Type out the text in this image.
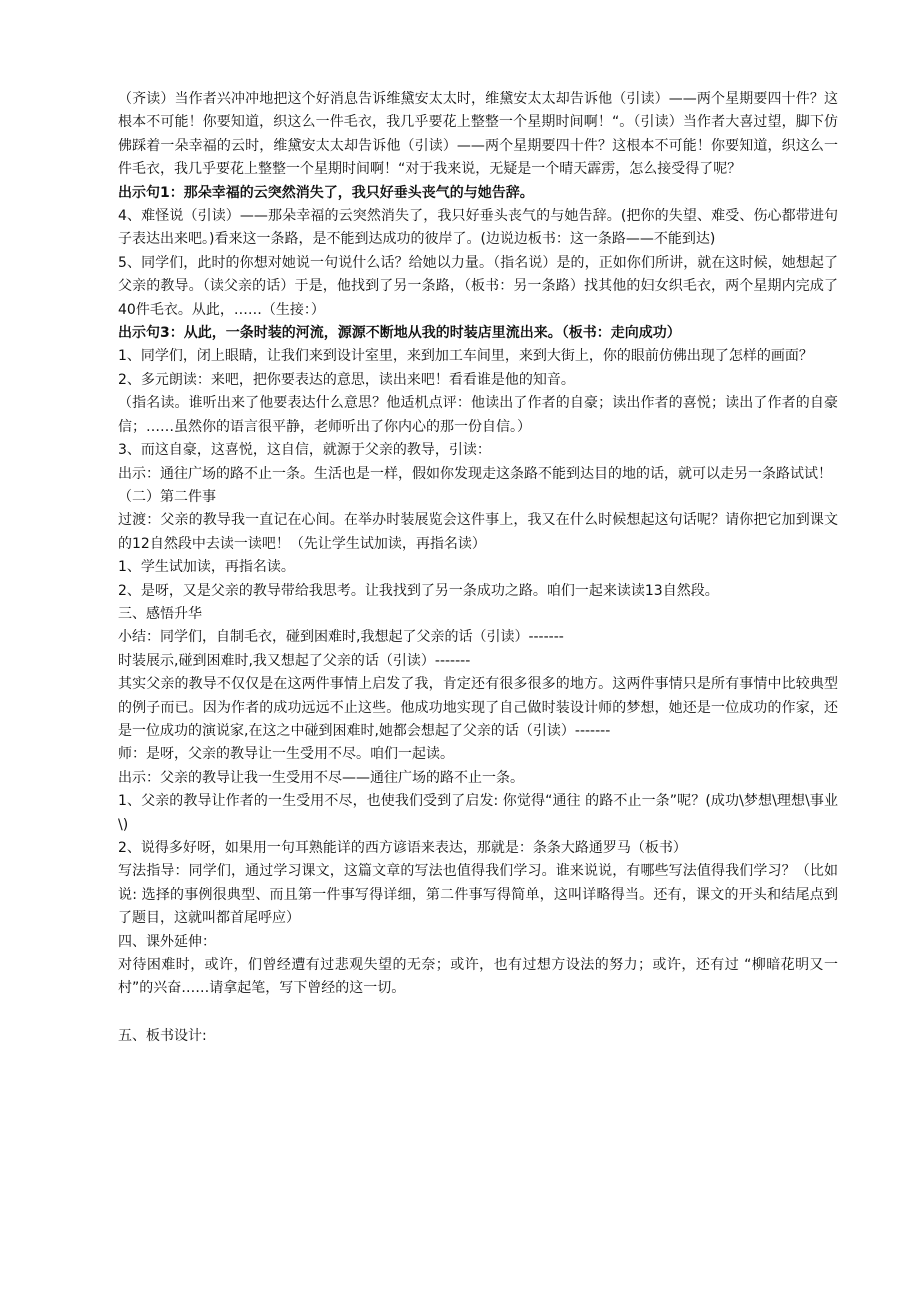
（齐读）当作者兴冲冲地把这个好消息告诉维黛安太太时，维黛安太太却告诉他（引读）——两个星期要四十件？这根本不可能！你要知道，织这么一件毛衣，我几乎要花上整整一个星期时间啊！“。（引读）当作者大喜过望，脚下仿佛踩着一朵幸福的云时，维黛安太太却告诉他（引读）——两个星期要四十件？这根本不可能！你要知道，织这么一件毛衣，我几乎要花上整整一个星期时间啊！“对于我来说，无疑是一个晴天霹雳，怎么接受得了呢？

出示句1：那朵幸福的云突然消失了，我只好垂头丧气的与她告辞。

4、难怪说（引读）——那朵幸福的云突然消失了，我只好垂头丧气的与她告辞。(把你的失望、难受、伤心都带进句子表达出来吧。)看来这一条路，是不能到达成功的彼岸了。(边说边板书：这一条路——不能到达)

5、同学们，此时的你想对她说一句说什么话？给她以力量。（指名说）是的，正如你们所讲，就在这时候，她想起了父亲的教导。（读父亲的话）于是，他找到了另一条路，（板书：另一条路）找其他的妇女织毛衣，两个星期内完成了40件毛衣。从此，……（生接：）

出示句3：从此，一条时装的河流，源源不断地从我的时装店里流出来。（板书：走向成功）

1、同学们，闭上眼睛，让我们来到设计室里，来到加工车间里，来到大街上，你的眼前仿佛出现了怎样的画面？

2、多元朗读：来吧，把你要表达的意思，读出来吧！看看谁是他的知音。

（指名读。谁听出来了他要表达什么意思？他适机点评：他读出了作者的自豪；读出作者的喜悦；读出了作者的自豪信；……虽然你的语言很平静，老师听出了你内心的那一份自信。）

3、而这自豪，这喜悦，这自信，就源于父亲的教导，引读：

出示：通往广场的路不止一条。生活也是一样，假如你发现走这条路不能到达目的地的话，就可以走另一条路试试！

（二）第二件事

过渡：父亲的教导我一直记在心间。在举办时装展览会这件事上，我又在什么时候想起这句话呢？请你把它加到课文的12自然段中去读一读吧！（先让学生试加读，再指名读）

1、学生试加读，再指名读。

2、是呀，又是父亲的教导带给我思考。让我找到了另一条成功之路。咱们一起来读读13自然段。

三、感悟升华

小结：同学们，自制毛衣，碰到困难时,我想起了父亲的话（引读）-------

时装展示,碰到困难时,我又想起了父亲的话（引读）-------

其实父亲的教导不仅仅是在这两件事情上启发了我，肯定还有很多很多的地方。这两件事情只是所有事情中比较典型的例子而已。因为作者的成功远远不止这些。他成功地实现了自己做时装设计师的梦想，她还是一位成功的作家，还是一位成功的演说家,在这之中碰到困难时,她都会想起了父亲的话（引读）-------

师：是呀，父亲的教导让一生受用不尽。咱们一起读。

出示：父亲的教导让我一生受用不尽——通往广场的路不止一条。

1、父亲的教导让作者的一生受用不尽，也使我们受到了启发: 你觉得“通往 的路不止一条”呢？(成功\梦想\理想\事业\)

2、说得多好呀，如果用一句耳熟能详的西方谚语来表达，那就是：条条大路通罗马（板书）

写法指导：同学们，通过学习课文，这篇文章的写法也值得我们学习。谁来说说，有哪些写法值得我们学习？（比如说: 选择的事例很典型、而且第一件事写得详细，第二件事写得简单，这叫详略得当。还有，课文的开头和结尾点到了题目，这就叫都首尾呼应）

四、课外延伸：

对待困难时，或许，们曾经遭有过悲观失望的无奈；或许，也有过想方设法的努力；或许，还有过 “柳暗花明又一村”的兴奋……请拿起笔，写下曾经的这一切。

五、板书设计:
